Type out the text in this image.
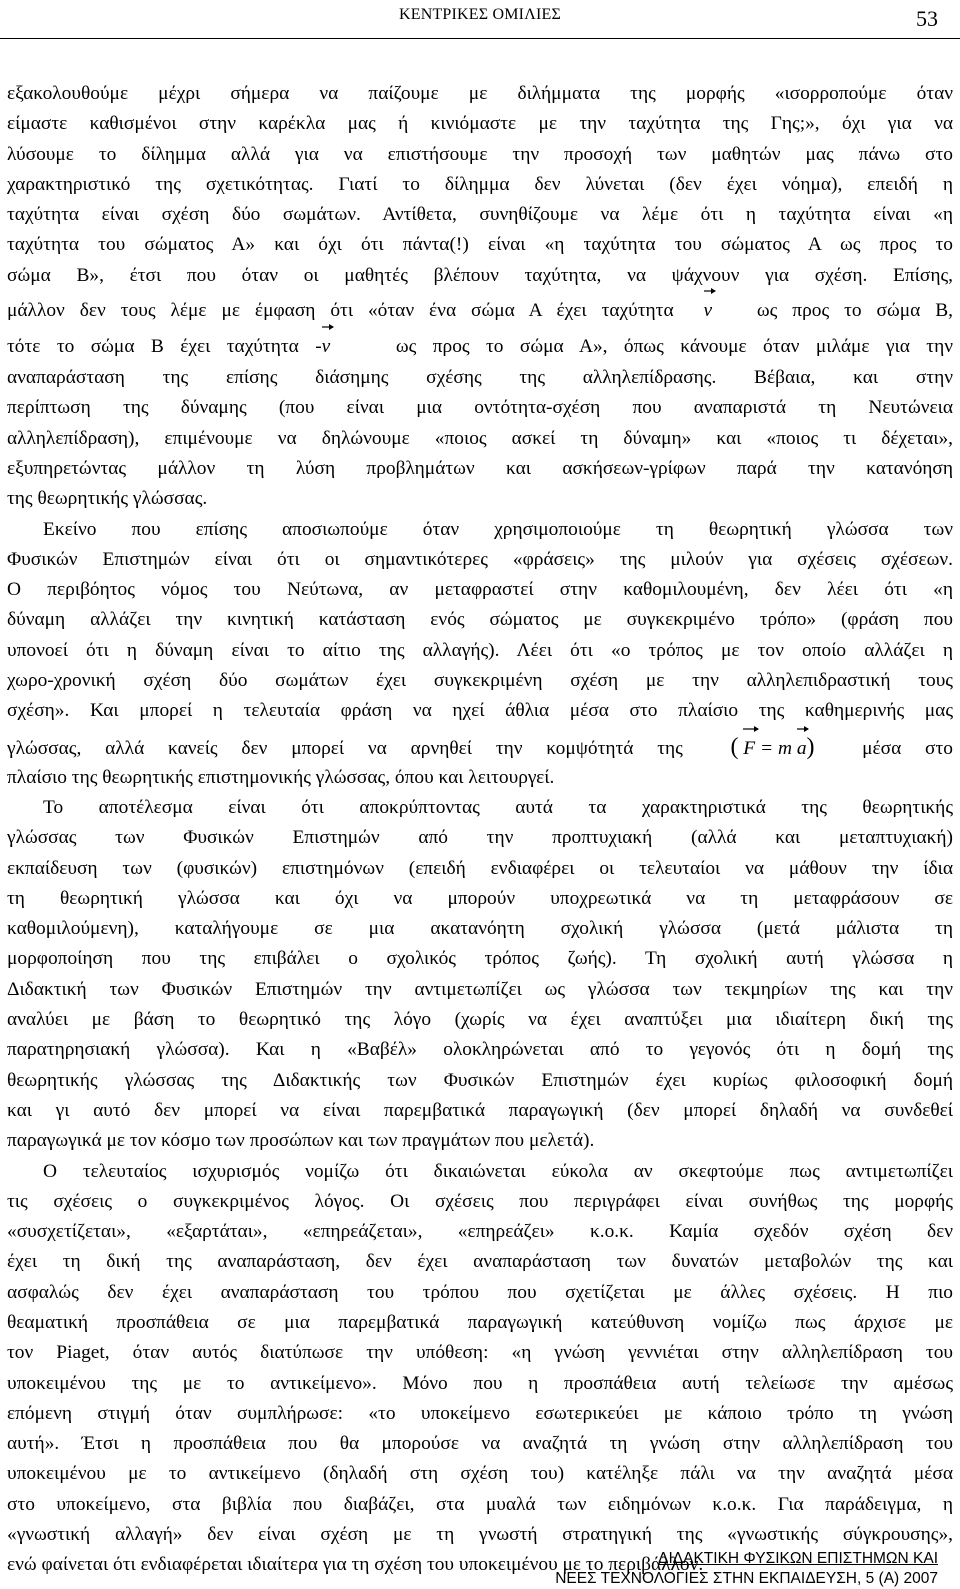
ΚΕΝΤΡΙΚΕΣ ΟΜΙΛΙΕΣ	53
εξακολουθούμε μέχρι σήμερα να παίζουμε με διλήμματα της μορφής «ισορροπούμε όταν
είμαστε καθισμένοι στην καρέκλα μας ή κινιόμαστε με την ταχύτητα της Γης;», όχι για να
λύσουμε το δίλημμα αλλά για να επιστήσουμε την προσοχή των μαθητών μας πάνω στο
χαρακτηριστικό της σχετικότητας. Γιατί το δίλημμα δεν λύνεται (δεν έχει νόημα), επειδή η
ταχύτητα είναι σχέση δύο σωμάτων. Αντίθετα, συνηθίζουμε να λέμε ότι η ταχύτητα είναι «η
ταχύτητα του σώματος Α» και όχι ότι πάντα(!) είναι «η ταχύτητα του σώματος Α ως προς το
σώμα Β», έτσι που όταν οι μαθητές βλέπουν ταχύτητα, να ψάχνουν για σχέση. Επίσης,
μάλλον δεν τους λέμε με έμφαση ότι «όταν ένα σώμα Α έχει ταχύτητα v ως προς το σώμα Β,
τότε το σώμα Β έχει ταχύτητα -
v	ως προς το σώμα Α», όπως κάνουμε όταν μιλάμε για την
αναπαράσταση της επίσης διάσημης σχέσης της αλληλεπίδρασης. Βέβαια, και στην
περίπτωση της δύναμης (που είναι μια οντότητα-σχέση που αναπαριστά τη Νευτώνεια
αλληλεπίδραση), επιμένουμε να δηλώνουμε «ποιος ασκεί τη δύναμη» και «ποιος τι δέχεται»,
εξυπηρετώντας μάλλον τη λύση προβλημάτων και ασκήσεων-γρίφων παρά την κατανόηση
της θεωρητικής γλώσσας.
Εκείνο που επίσης αποσιωπούμε όταν χρησιμοποιούμε τη θεωρητική γλώσσα των
Φυσικών Επιστημών είναι ότι οι σημαντικότερες «φράσεις» της μιλούν για σχέσεις σχέσεων.
Ο περιβόητος νόμος του Νεύτωνα, αν μεταφραστεί στην καθομιλουμένη, δεν λέει ότι «η
δύναμη αλλάζει την κινητική κατάσταση ενός σώματος με συγκεκριμένο τρόπο» (φράση που
υπονοεί ότι η δύναμη είναι το αίτιο της αλλαγής). Λέει ότι «ο τρόπος με τον οποίο αλλάζει η
χωρο-χρονική σχέση δύο σωμάτων έχει συγκεκριμένη σχέση με την αλληλεπιδραστική τους
σχέση». Και μπορεί η τελευταία φράση να ηχεί άθλια μέσα στο πλαίσιο της καθημερινής μας
γλώσσας, αλλά κανείς δεν μπορεί να αρνηθεί την κομψότητά της ( F = m a) μέσα στο
πλαίσιο της θεωρητικής επιστημονικής γλώσσας, όπου και λειτουργεί.
Το αποτέλεσμα είναι ότι αποκρύπτοντας αυτά τα χαρακτηριστικά της θεωρητικής
γλώσσας των Φυσικών Επιστημών από την προπτυχιακή (αλλά και μεταπτυχιακή)
εκπαίδευση των (φυσικών) επιστημόνων (επειδή ενδιαφέρει οι τελευταίοι να μάθουν την ίδια
τη θεωρητική γλώσσα και όχι να μπορούν υποχρεωτικά να τη μεταφράσουν σε
καθομιλούμενη), καταλήγουμε σε μια ακατανόητη σχολική γλώσσα (μετά μάλιστα τη
μορφοποίηση που της επιβάλει ο σχολικός τρόπος ζωής). Τη σχολική αυτή γλώσσα η
Διδακτική των Φυσικών Επιστημών την αντιμετωπίζει ως γλώσσα των τεκμηρίων της και την
αναλύει με βάση το θεωρητικό της λόγο (χωρίς να έχει αναπτύξει μια ιδιαίτερη δική της
παρατηρησιακή γλώσσα). Και η «Βαβέλ» ολοκληρώνεται από το γεγονός ότι η δομή της
θεωρητικής γλώσσας της Διδακτικής των Φυσικών Επιστημών έχει κυρίως φιλοσοφική δομή
και γι αυτό δεν μπορεί να είναι παρεμβατικά παραγωγική (δεν μπορεί δηλαδή να συνδεθεί
παραγωγικά με τον κόσμο των προσώπων και των πραγμάτων που μελετά).
Ο τελευταίος ισχυρισμός νομίζω ότι δικαιώνεται εύκολα αν σκεφτούμε πως αντιμετωπίζει
τις σχέσεις ο συγκεκριμένος λόγος. Οι σχέσεις που περιγράφει είναι συνήθως της μορφής
«συσχετίζεται», «εξαρτάται», «επηρεάζεται», «επηρεάζει» κ.ο.κ. Καμία σχεδόν σχέση δεν
έχει τη δική της αναπαράσταση, δεν έχει αναπαράσταση των δυνατών μεταβολών της και
ασφαλώς δεν έχει αναπαράσταση του τρόπου που σχετίζεται με άλλες σχέσεις. Η πιο
θεαματική προσπάθεια σε μια παρεμβατικά παραγωγική κατεύθυνση νομίζω πως άρχισε με
τον Piaget, όταν αυτός διατύπωσε την υπόθεση: «η γνώση γεννιέται στην αλληλεπίδραση του
υποκειμένου της με το αντικείμενο». Μόνο που η προσπάθεια αυτή τελείωσε την αμέσως
επόμενη στιγμή όταν συμπλήρωσε: «το υποκείμενο εσωτερικεύει με κάποιο τρόπο τη γνώση
αυτή». Έτσι η προσπάθεια που θα μπορούσε να αναζητά τη γνώση στην αλληλεπίδραση του
υποκειμένου με το αντικείμενο (δηλαδή στη σχέση του) κατέληξε πάλι να την αναζητά μέσα
στο υποκείμενο, στα βιβλία που διαβάζει, στα μυαλά των ειδημόνων κ.ο.κ. Για παράδειγμα, η
«γνωστική αλλαγή» δεν είναι σχέση με τη γνωστή στρατηγική της «γνωστικής σύγκρουσης»,
ενώ φαίνεται ότι ενδιαφέρεται ιδιαίτερα για τη σχέση του υποκειμένου με το περιβάλλον.
ΔΙΔΑΚΤΙΚΗ ΦΥΣΙΚΩΝ ΕΠΙΣΤΗΜΩΝ ΚΑΙ
ΝΕΕΣ ΤΕΧΝΟΛΟΓΙΕΣ ΣΤΗΝ ΕΚΠΑΙΔΕΥΣΗ, 5 (Α) 2007
